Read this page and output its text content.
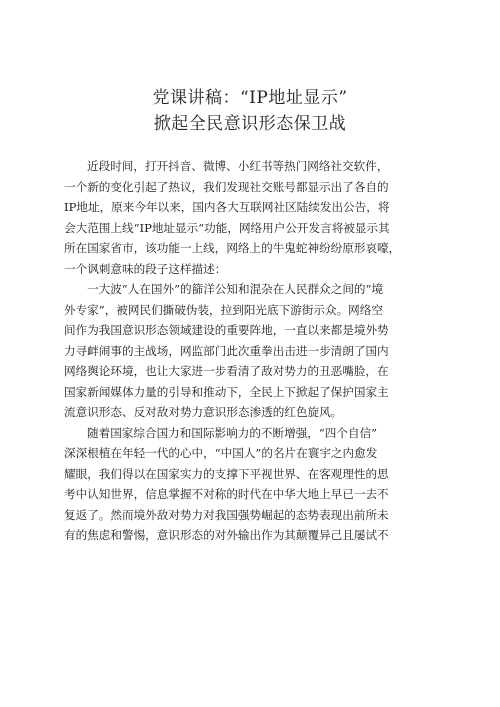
党课讲稿：“IP地址显示”
掀起全民意识形态保卫战
近段时间，打开抖音、微博、小红书等热门网络社交软件，
一个新的变化引起了热议，我们发现社交账号都显示出了各自的
IP地址，原来今年以来，国内各大互联网社区陆续发出公告，将
会大范围上线“IP地址显示“功能，网络用户公开发言将被显示其
所在国家省市，该功能一上线，网络上的牛鬼蛇神纷纷原形哀嚎，
一个讽刺意味的段子这样描述：
一大波“人在国外”的篩洋公知和混杂在人民群众之间的“境
外专家”，被网民们撕破伪装，拉到阳光底下游街示众。网络空
间作为我国意识形态领域建设的重要阵地，一直以来都是境外势
力寻衅闹事的主战场，网监部门此次重拳出击进一步清朗了国内
网络舆论环境，也让大家进一步看清了敌对势力的丑恶嘴脸，在
国家新闻媒体力量的引导和推动下，全民上下掀起了保护国家主
流意识形态、反对敌对势力意识形态渗透的红色旋风。
随着国家综合国力和国际影响力的不断增强，“四个自信”
深深根植在年轻一代的心中，“中国人”的名片在寰宇之内愈发
耀眼，我们得以在国家实力的支撑下平视世界、在客观理性的思
考中认知世界，信息掌握不对称的时代在中华大地上早已一去不
复返了。然而境外敌对势力对我国强势崛起的态势表现出前所未
有的焦虑和警惕，意识形态的对外输出作为其颠覆异己且屡试不
